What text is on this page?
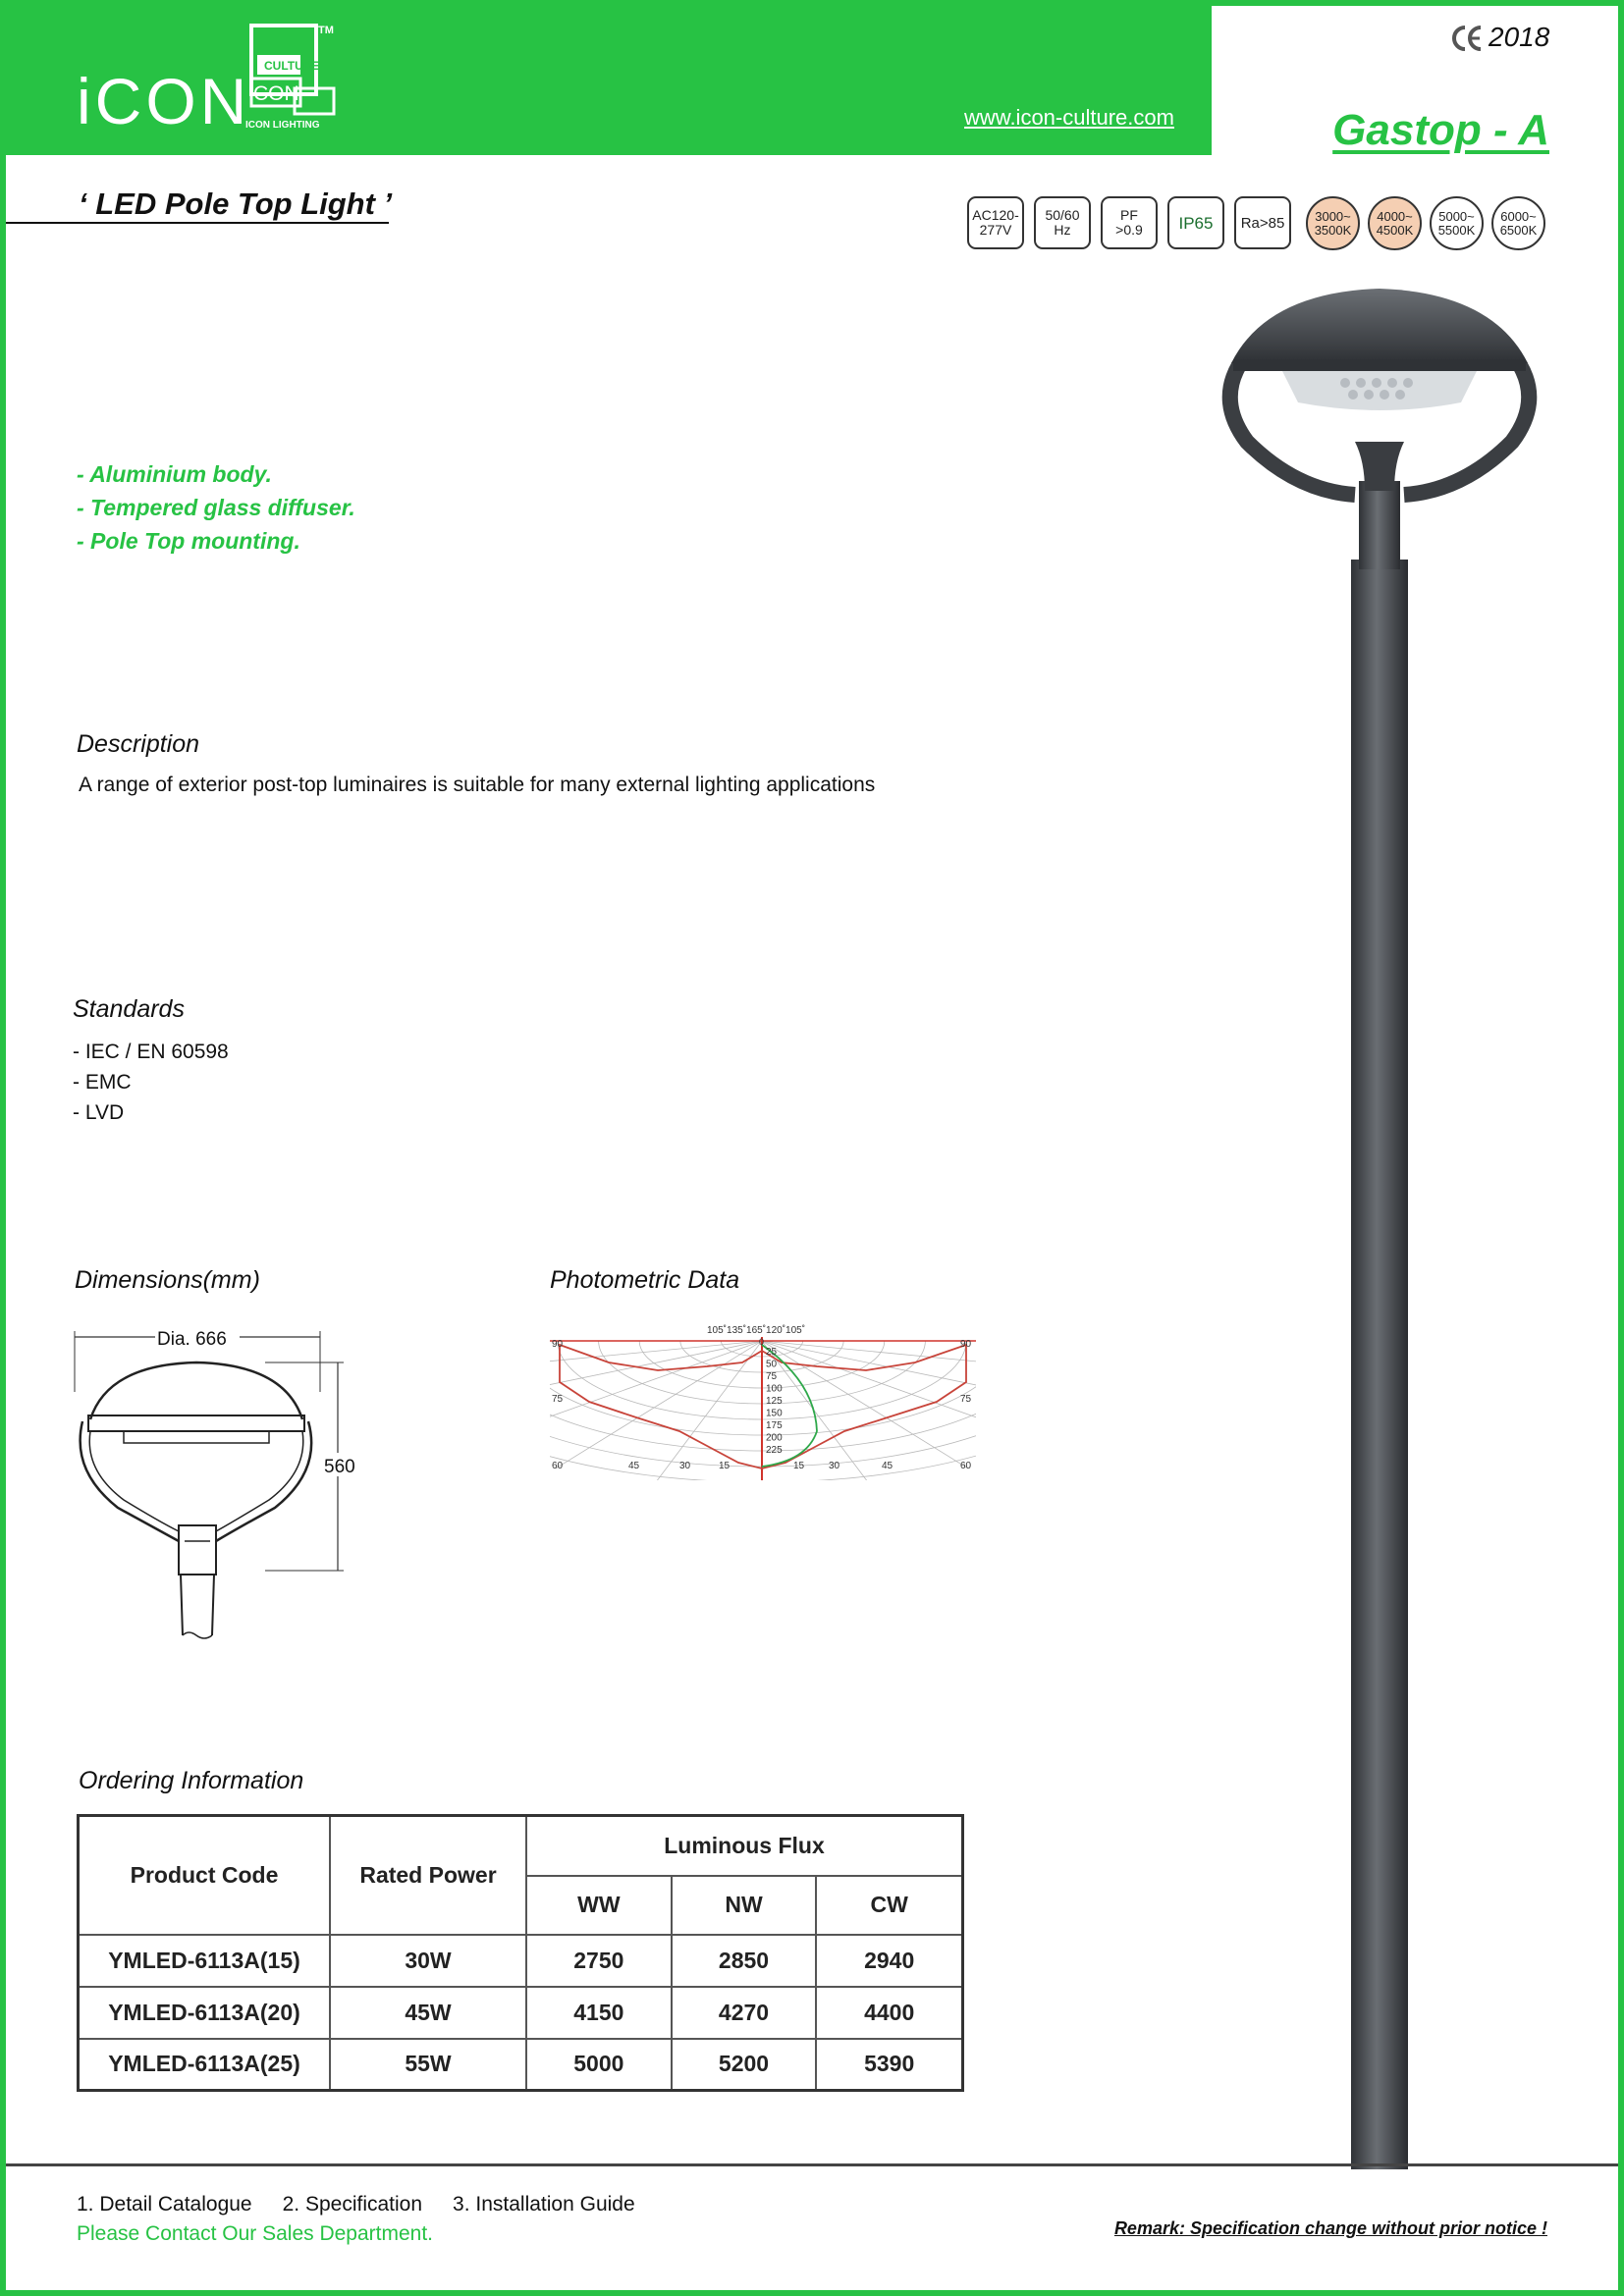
iCON CULTURE
CON
ICON LIGHTING
TM
www.icon-culture.com
2018
Gastop - A
‘ LED Pole Top Light ’	AC120-
277V
50/60
Hz
PF
>0.9 IP65 Ra>85 3000~
3500K
4000~
4500K
5000~
5500K
6000~
6500K
- Aluminium body.
- Tempered glass diffuser.
- Pole Top mounting.
Description
A range of exterior post-top luminaires is suitable for many external lighting applications
Standards
- IEC / EN 60598
- EMC
- LVD
Dimensions(mm)
Dia. 666
560
Photometric Data
105˚135˚165˚120˚105˚
90
75
60
90
75
60
45	30	15	15 30	45
0
25
50
75
100
125
150
175
200
225
Ordering Information
Product Code	Rated Power	Luminous Flux		
		WW	NW	CW
YMLED-6113A(15)	30W	2750	2850	2940
YMLED-6113A(20)	45W	4150	4270	4400
YMLED-6113A(25)	55W	5000	5200	5390
1. Detail Catalogue 2. Specification 3. Installation Guide
Please Contact Our Sales Department.	Remark: Specification change without prior notice !
